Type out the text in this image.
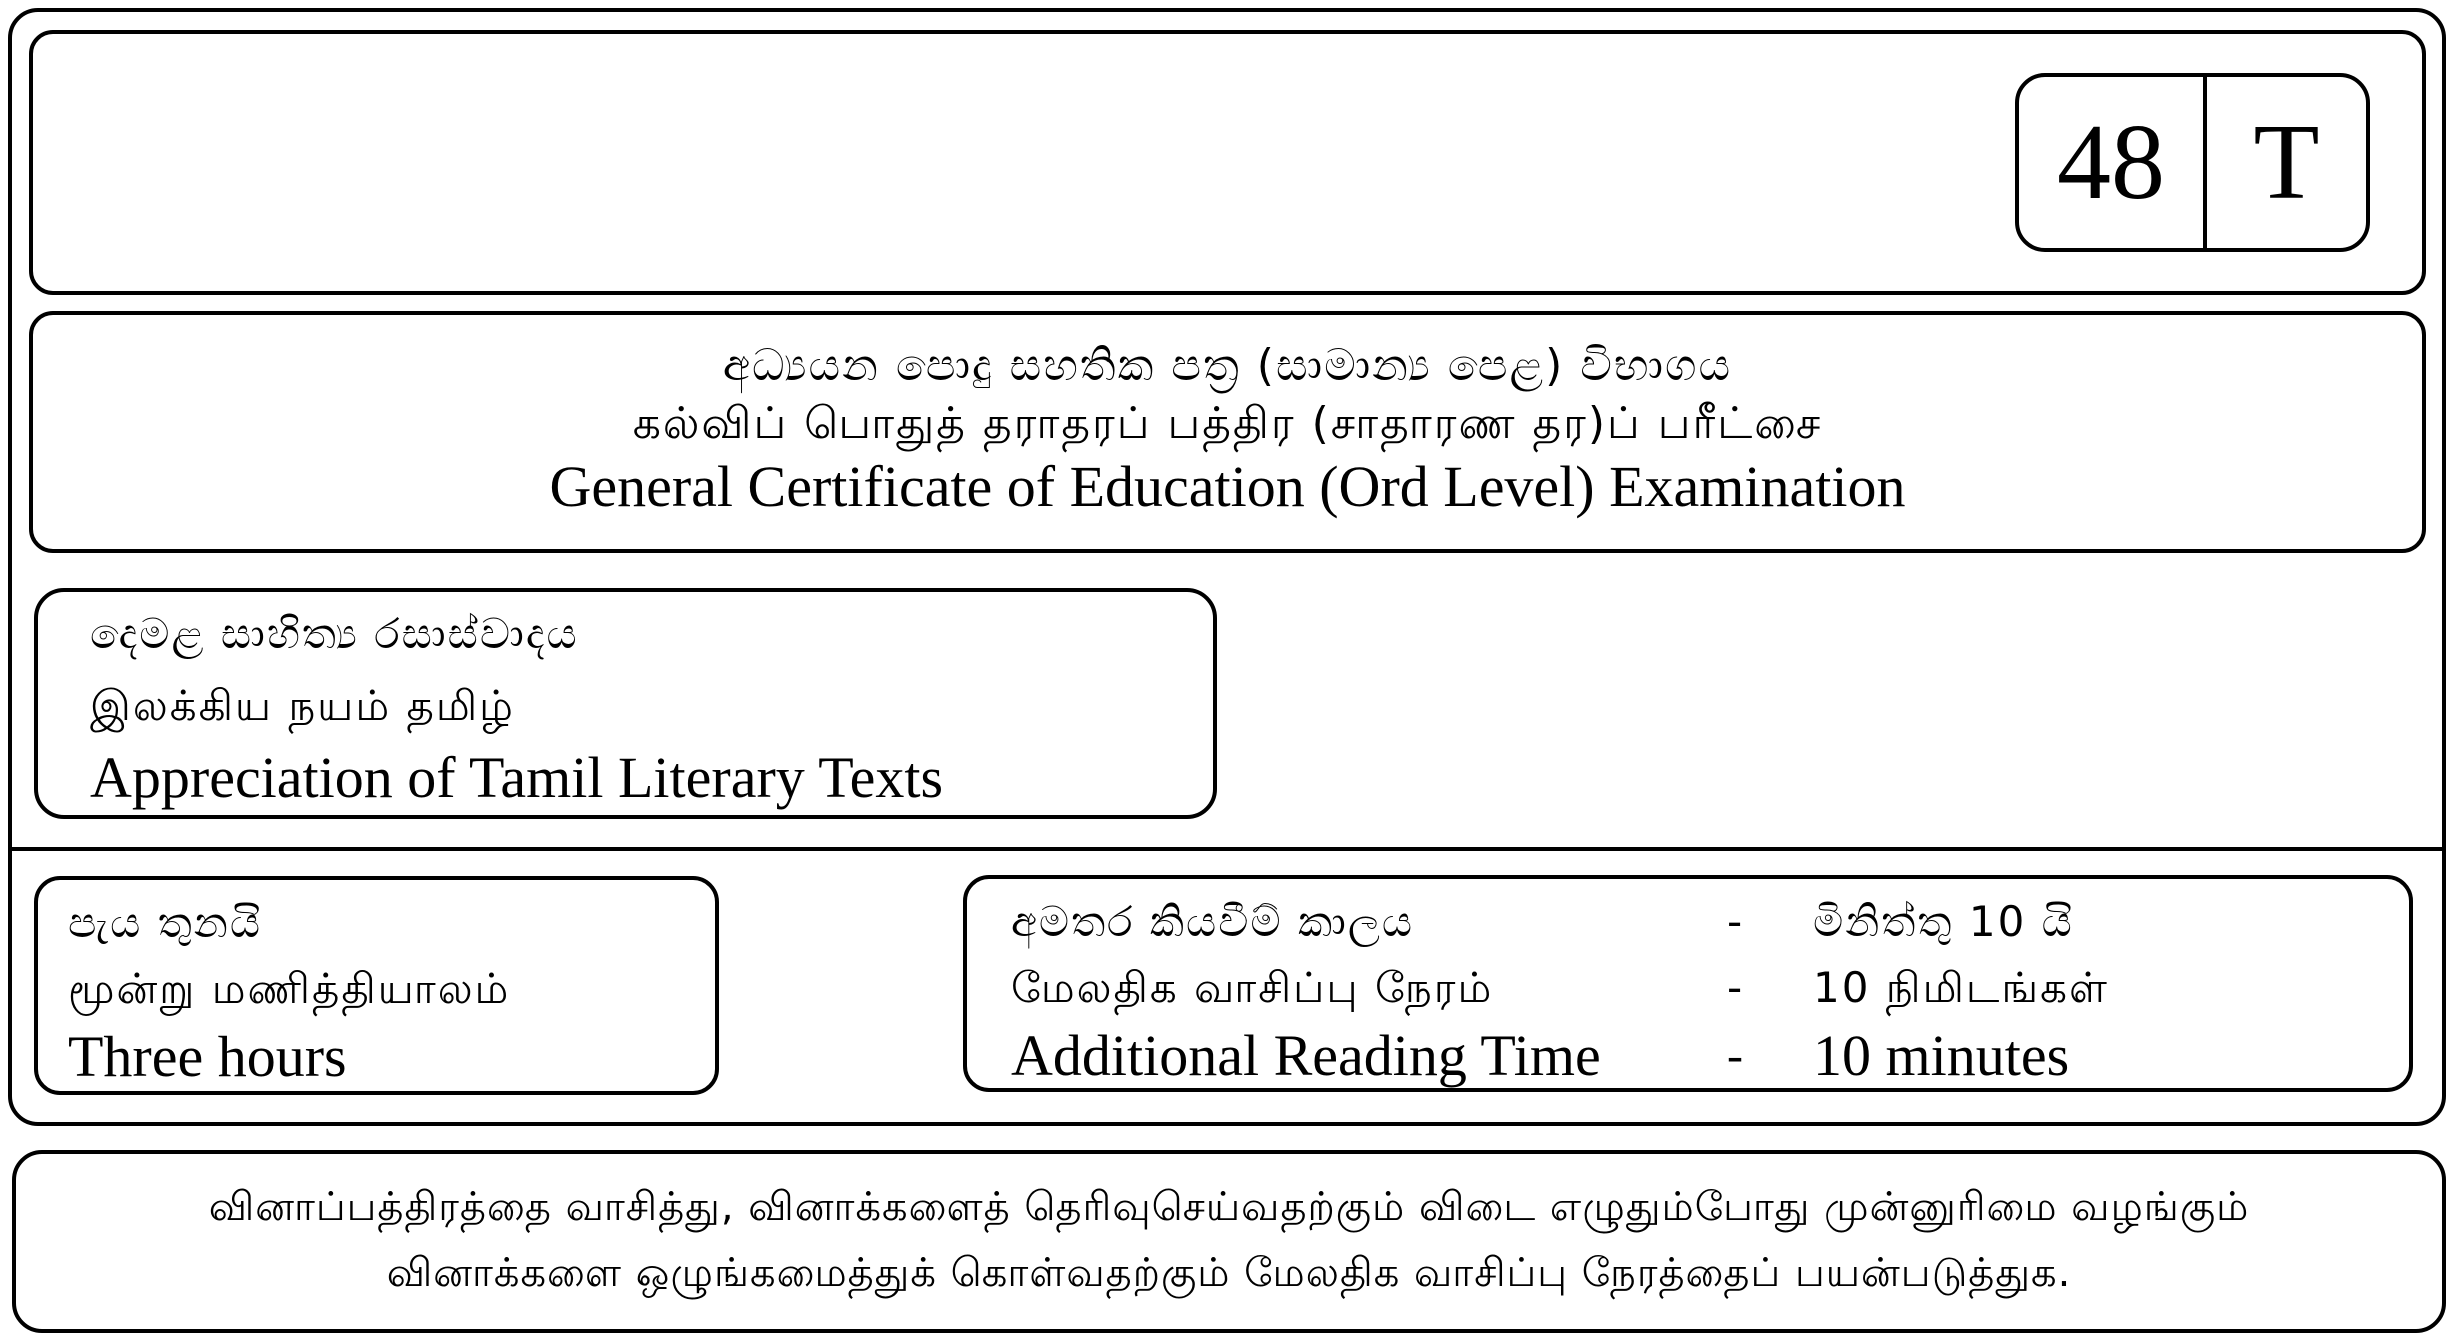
48 T
අධ්‍යයන පොදු සහතික පත්‍ර (සාමාන්‍ය පෙළ) විභාගය
கல்விப் பொதுத் தராதரப் பத்திர (சாதாரண தர)ப் பரீட்சை
General Certificate of Education (Ord Level) Examination
දෙමළ සාහිත්‍ය රසාස්වාදය
இலக்கிய நயம் தமிழ்
Appreciation of Tamil Literary Texts
පැය තුනයි
மூன்று மணித்தியாலம்
Three hours
අමතර කියවීම් කාලය
மேலதிக வாசிப்பு நேரம்
Additional Reading Time
-
-
-
මිනිත්තු 10 යි
10 நிமிடங்கள்
10 minutes
வினாப்பத்திரத்தை வாசித்து, வினாக்களைத் தெரிவுசெய்வதற்கும் விடை எழுதும்போது முன்னுரிமை வழங்கும்
வினாக்களை ஒழுங்கமைத்துக் கொள்வதற்கும் மேலதிக வாசிப்பு நேரத்தைப் பயன்படுத்துக.
